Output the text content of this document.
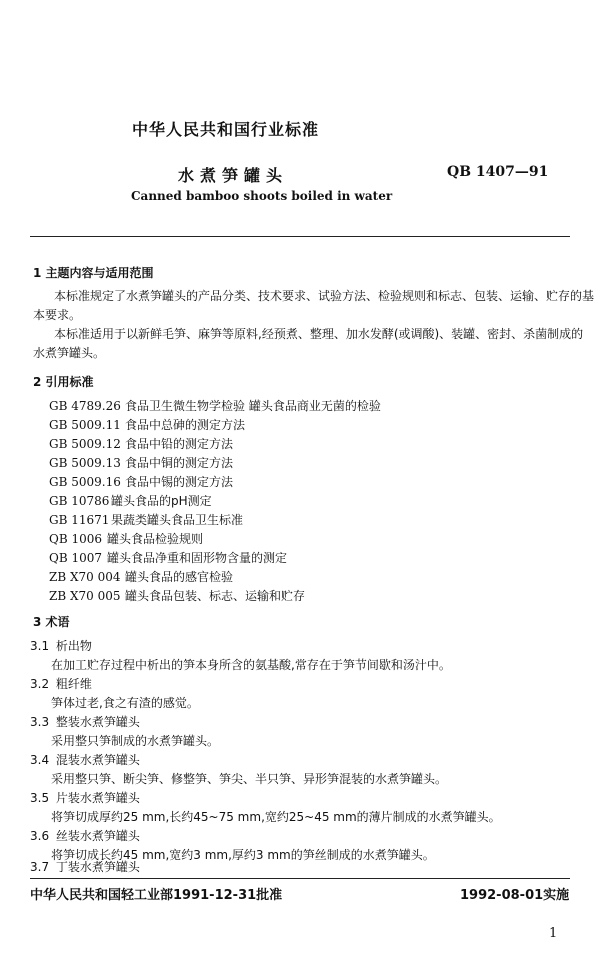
中华人民共和国行业标准
水煮笋罐头	QB 1407—91
Canned bamboo shoots boiled in water
1 主题内容与适用范围
本标准规定了水煮笋罐头的产品分类、技术要求、试验方法、检验规则和标志、包装、运输、贮存的基
本要求。
本标准适用于以新鲜毛笋、麻笋等原料,经预煮、整理、加水发酵(或调酸)、装罐、密封、杀菌制成的
水煮笋罐头。
2 引用标准
GB 4789.26 食品卫生微生物学检验 罐头食品商业无菌的检验
GB 5009.11 食品中总砷的测定方法
GB 5009.12 食品中铅的测定方法
GB 5009.13 食品中铜的测定方法
GB 5009.16 食品中锡的测定方法
GB 10786 罐头食品的pH测定
GB 11671 果蔬类罐头食品卫生标准
QB 1006 罐头食品检验规则
QB 1007 罐头食品净重和固形物含量的测定
ZB X70 004 罐头食品的感官检验
ZB X70 005 罐头食品包装、标志、运输和贮存
3 术语
3.1 析出物
在加工贮存过程中析出的笋本身所含的氨基酸,常存在于笋节间歇和汤汁中。
3.2 粗纤维
笋体过老,食之有渣的感觉。
3.3 整装水煮笋罐头
采用整只笋制成的水煮笋罐头。
3.4 混装水煮笋罐头
采用整只笋、断尖笋、修整笋、笋尖、半只笋、异形笋混装的水煮笋罐头。
3.5 片装水煮笋罐头
将笋切成厚约25 mm,长约45~75 mm,宽约25~45 mm的薄片制成的水煮笋罐头。
3.6 丝装水煮笋罐头
将笋切成长约45 mm,宽约3 mm,厚约3 mm的笋丝制成的水煮笋罐头。
3.7 丁装水煮笋罐头
中华人民共和国轻工业部1991-12-31批准	1992-08-01实施
1
